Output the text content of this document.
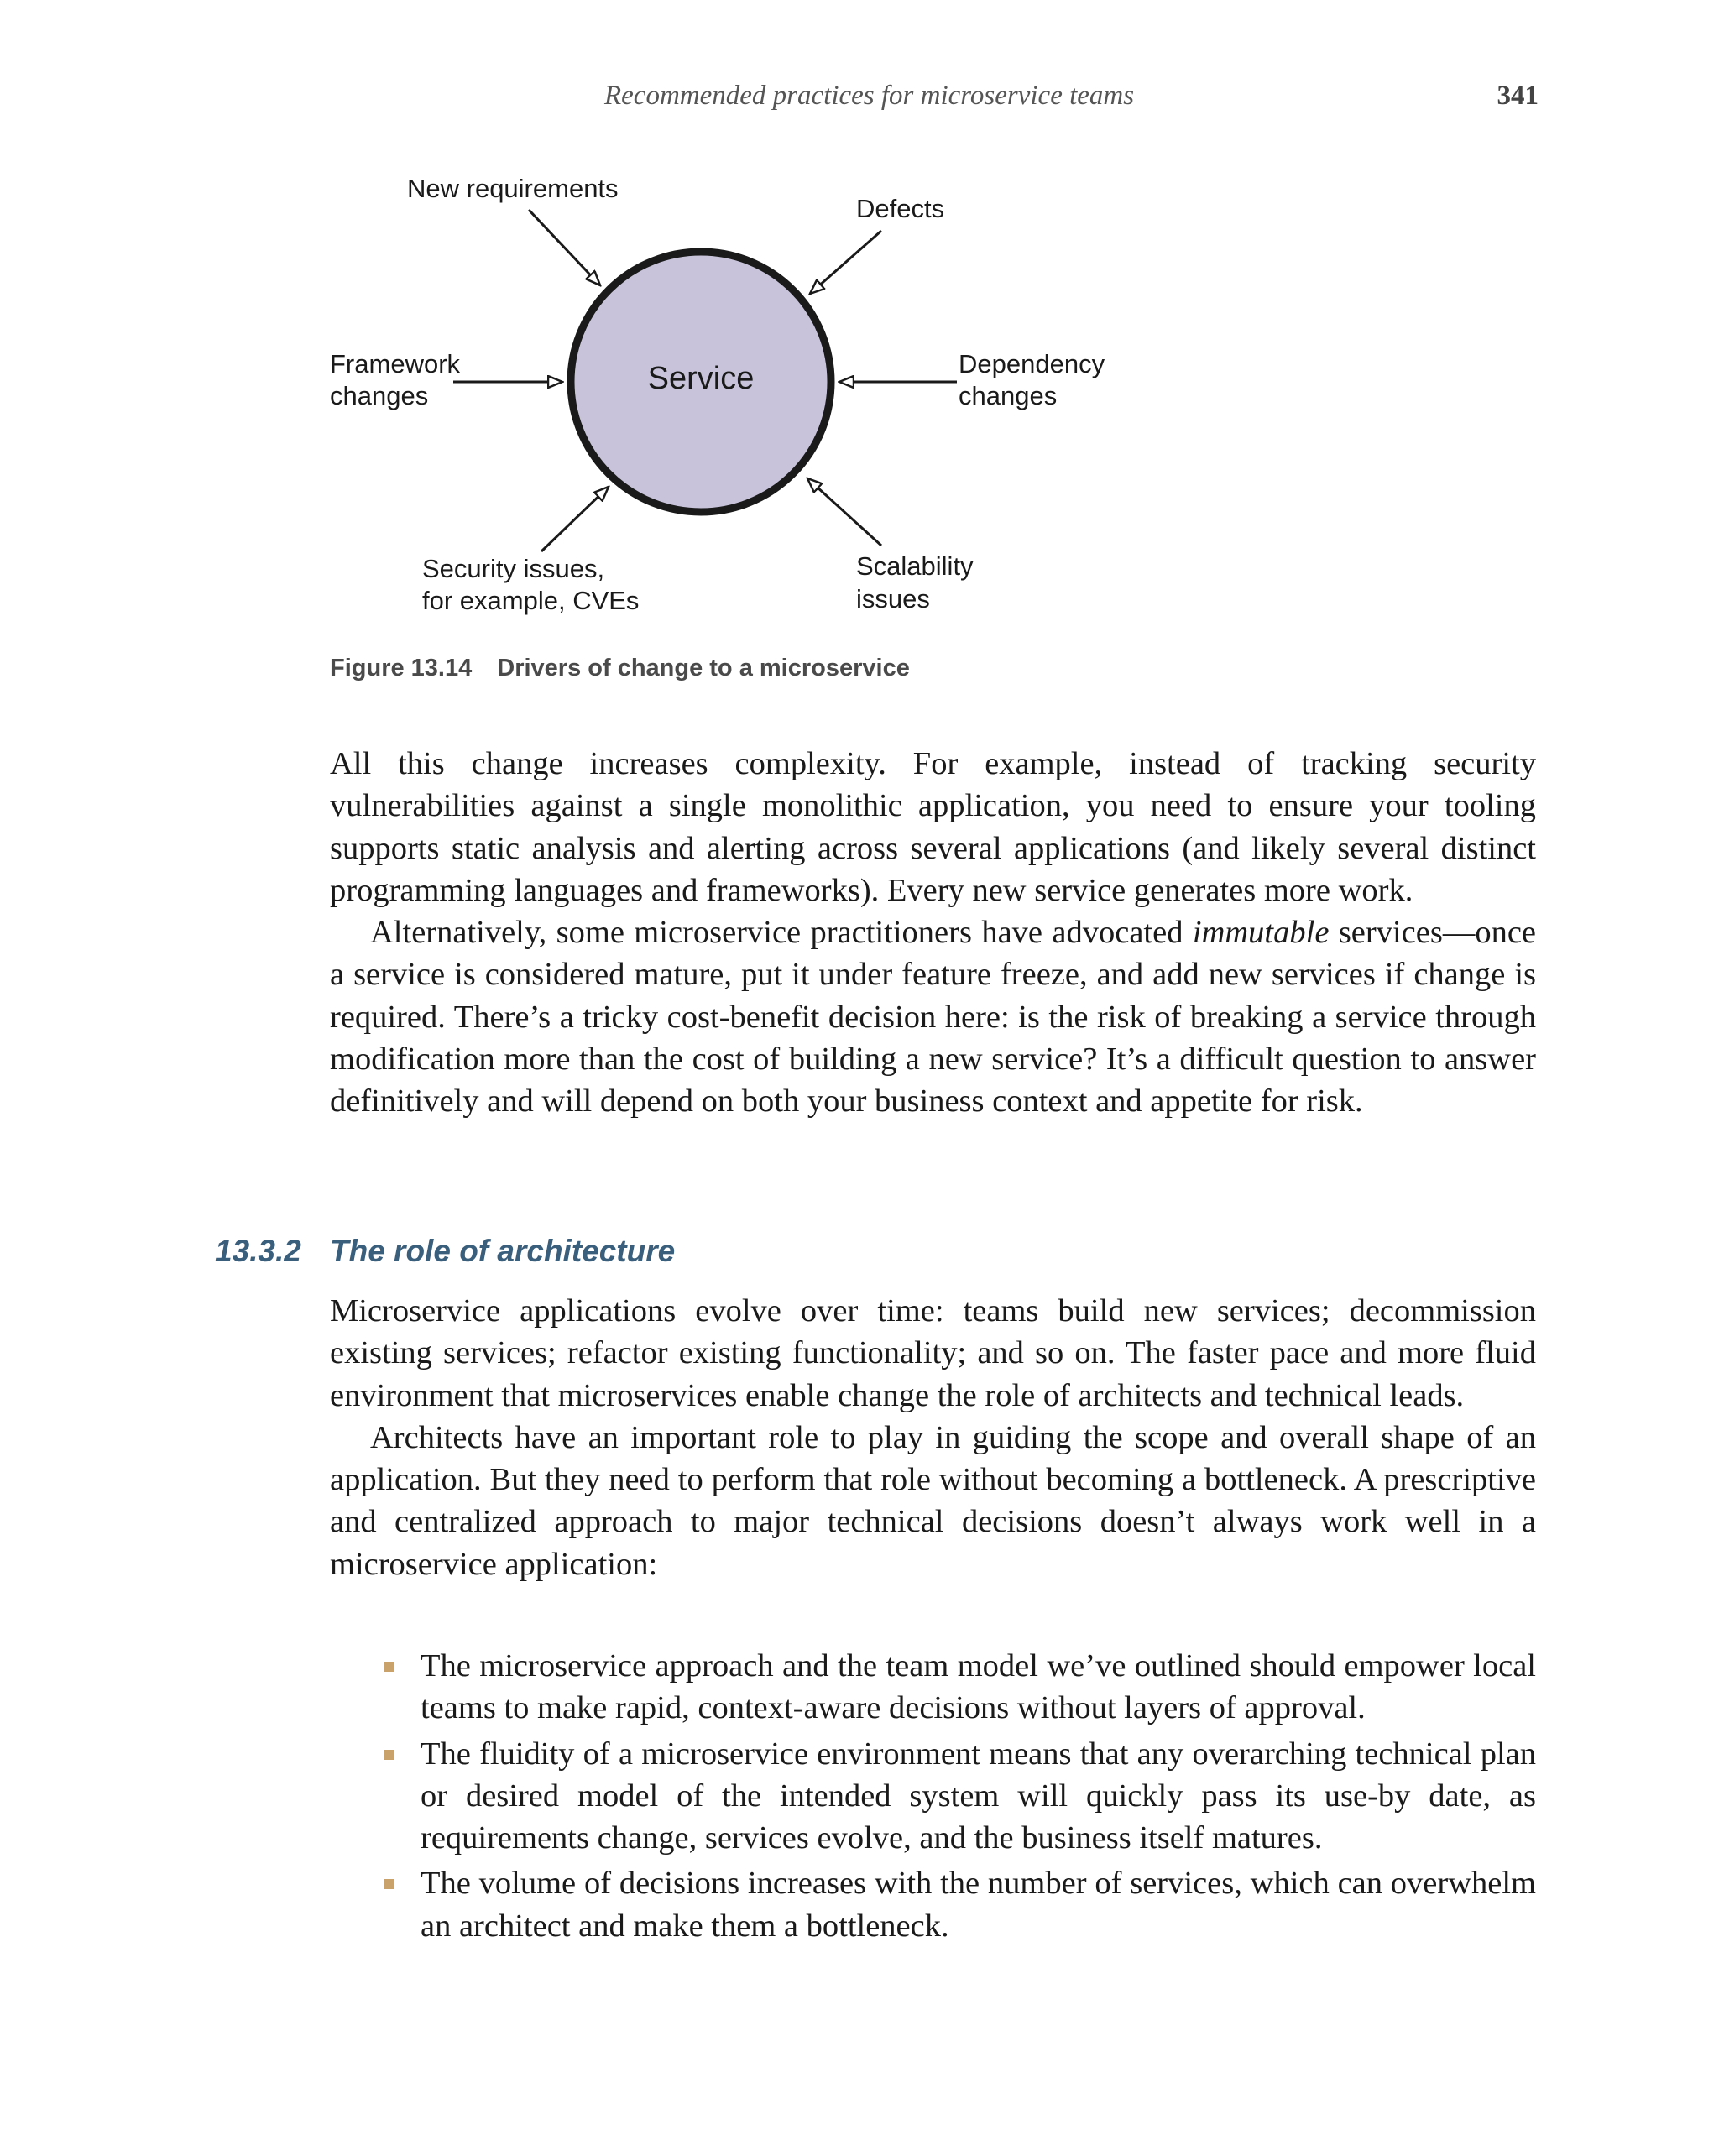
Recommended practices for microservice teams	341
Service
New requirements
Defects
Framework
changes
Dependency
changes
Security issues,
for example, CVEs
Scalability
issues
Figure 13.14 Drivers of change to a microservice

All this change increases complexity. For example, instead of tracking security vulnerabilities against a single monolithic application, you need to ensure your tooling supports static analysis and alerting across several applications (and likely several distinct programming languages and frameworks). Every new service generates more work.

Alternatively, some microservice practitioners have advocated immutable services—once a service is considered mature, put it under feature freeze, and add new services if change is required. There’s a tricky cost-benefit decision here: is the risk of breaking a service through modification more than the cost of building a new service? It’s a difficult question to answer definitively and will depend on both your business context and appetite for risk.

13.3.2 The role of architecture

Microservice applications evolve over time: teams build new services; decommission existing services; refactor existing functionality; and so on. The faster pace and more fluid environment that microservices enable change the role of architects and technical leads.

Architects have an important role to play in guiding the scope and overall shape of an application. But they need to perform that role without becoming a bottleneck. A prescriptive and centralized approach to major technical decisions doesn’t always work well in a microservice application:

The microservice approach and the team model we’ve outlined should empower local teams to make rapid, context-aware decisions without layers of approval.
The fluidity of a microservice environment means that any overarching technical plan or desired model of the intended system will quickly pass its use-by date, as requirements change, services evolve, and the business itself matures.
The volume of decisions increases with the number of services, which can overwhelm an architect and make them a bottleneck.
